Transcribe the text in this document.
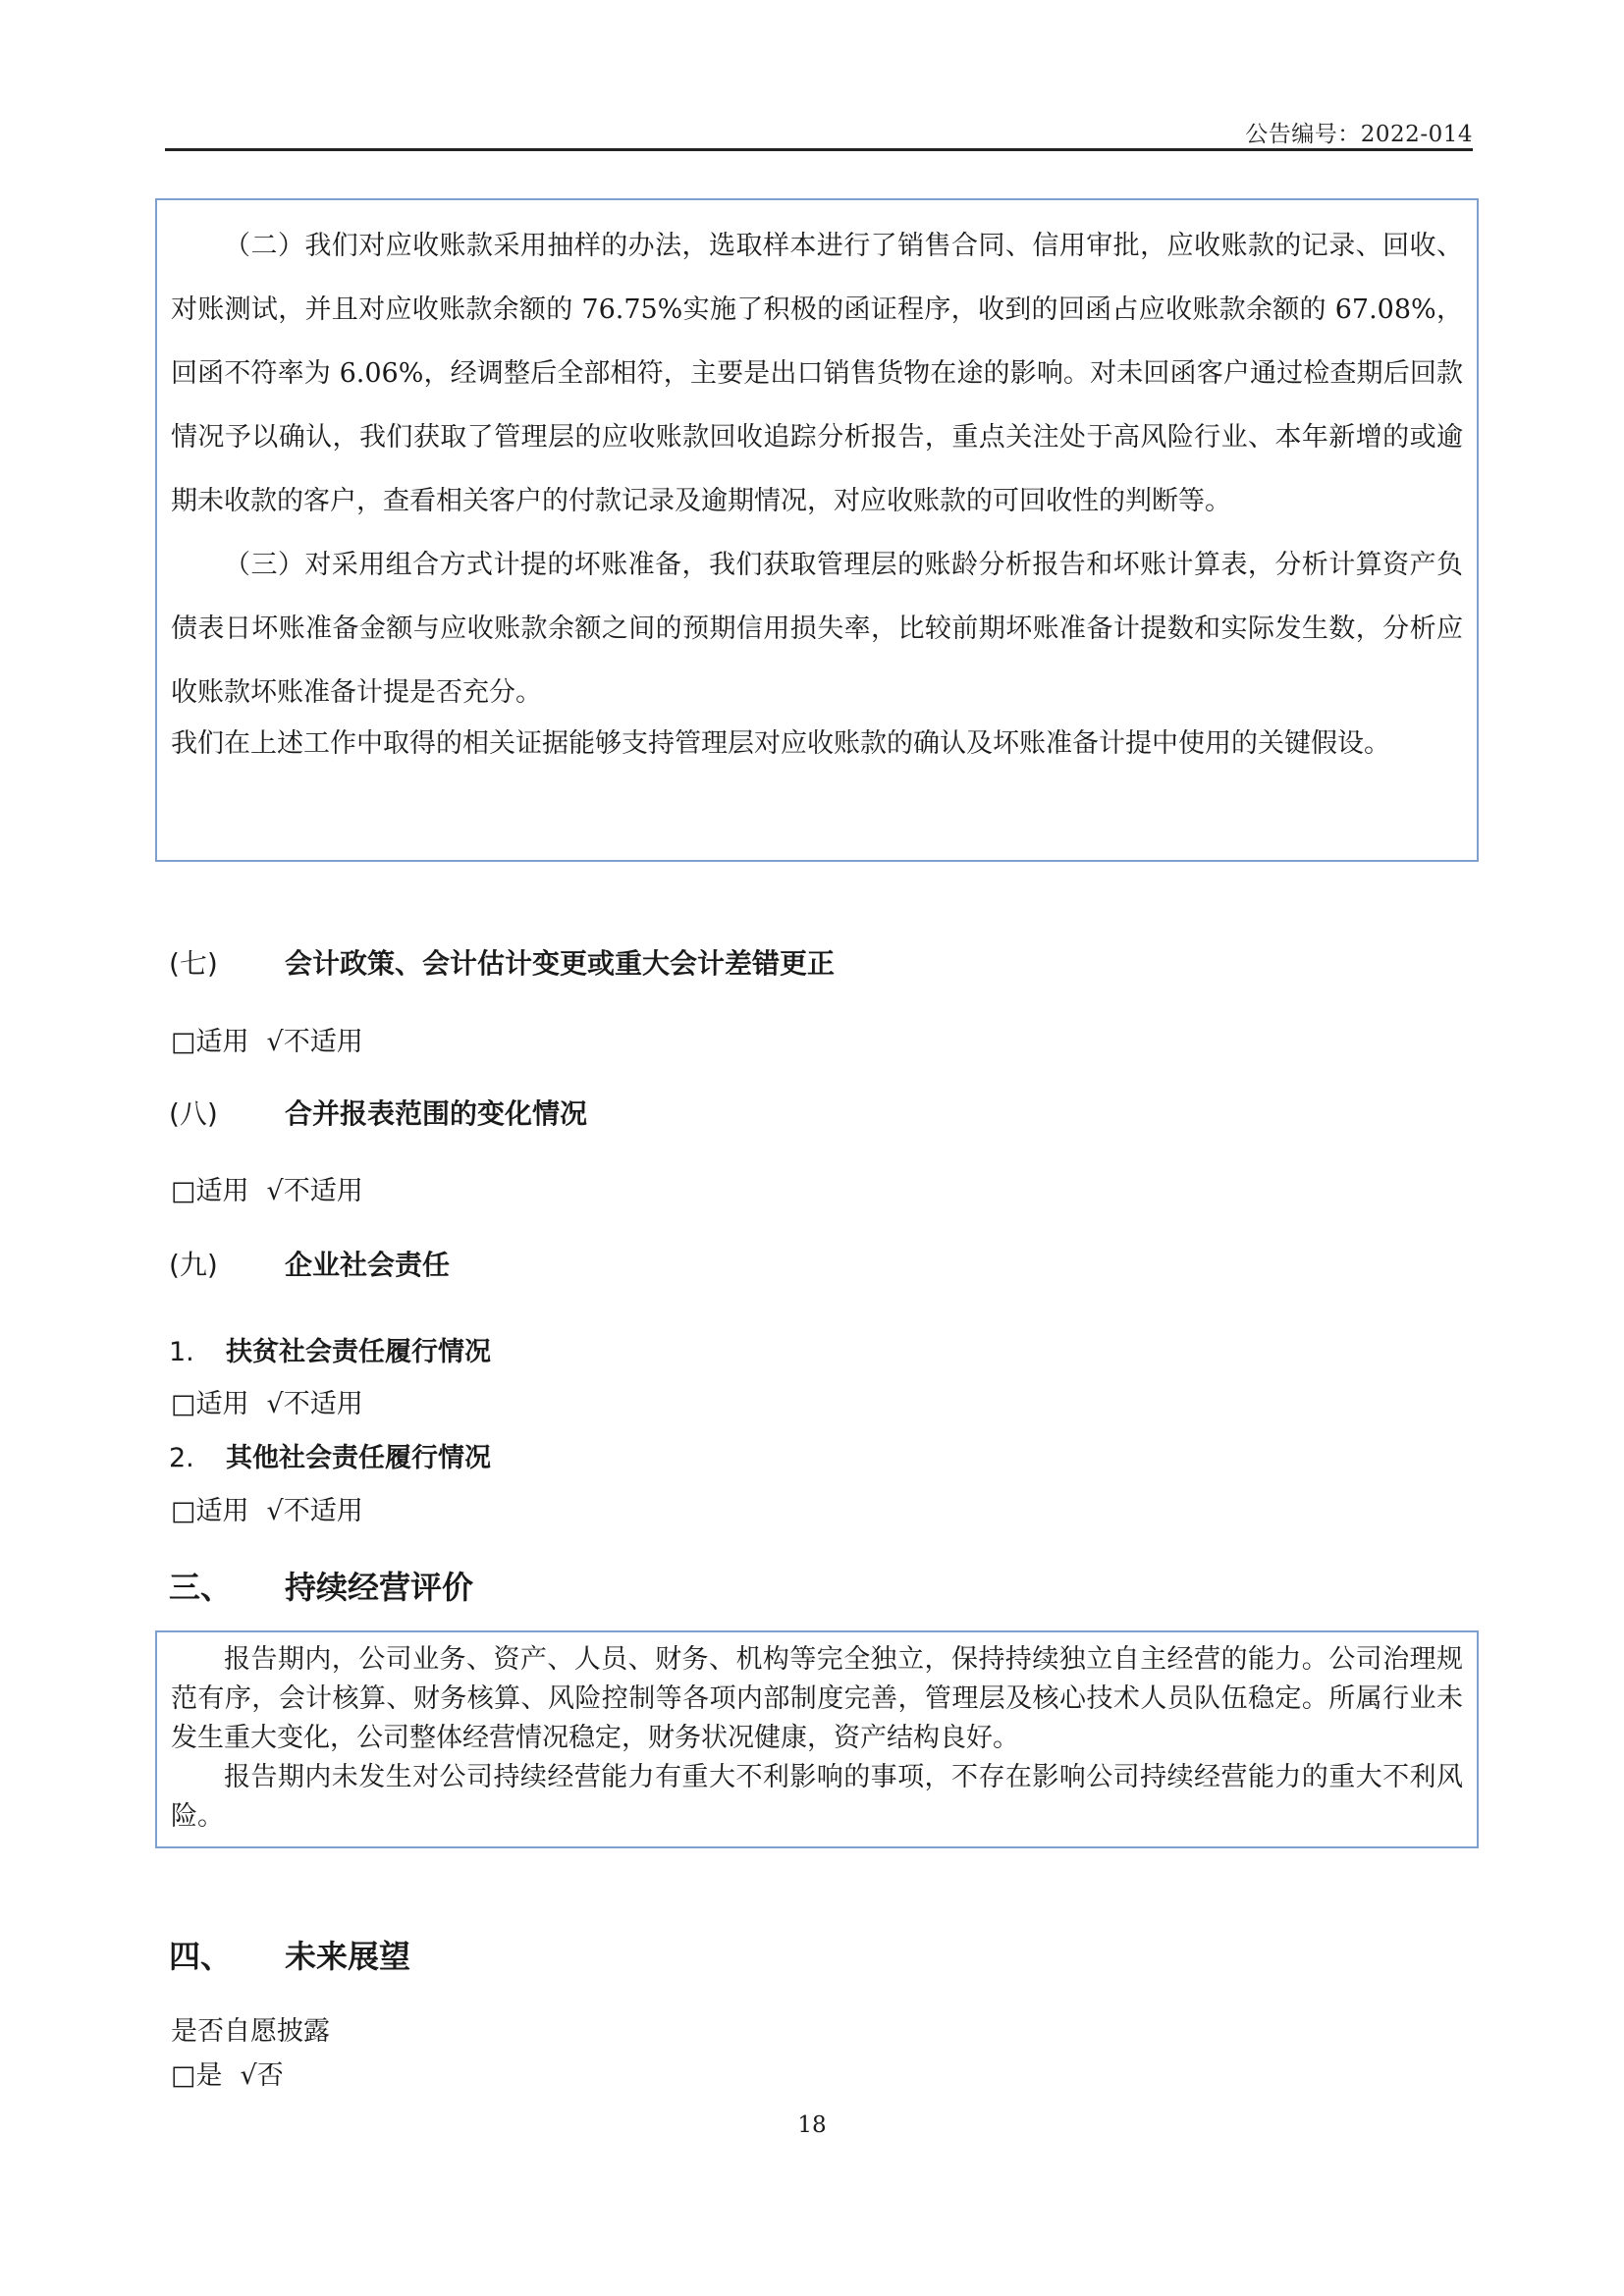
公告编号：2022-014

（二）我们对应收账款采用抽样的办法，选取样本进行了销售合同、信用审批，应收账款的记录、回收、对账测试，并且对应收账款余额的 76.75%实施了积极的函证程序，收到的回函占应收账款余额的 67.08%，回函不符率为 6.06%，经调整后全部相符，主要是出口销售货物在途的影响。对未回函客户通过检查期后回款情况予以确认，我们获取了管理层的应收账款回收追踪分析报告，重点关注处于高风险行业、本年新增的或逾期未收款的客户，查看相关客户的付款记录及逾期情况，对应收账款的可回收性的判断等。

（三）对采用组合方式计提的坏账准备，我们获取管理层的账龄分析报告和坏账计算表，分析计算资产负债表日坏账准备金额与应收账款余额之间的预期信用损失率，比较前期坏账准备计提数和实际发生数，分析应收账款坏账准备计提是否充分。

我们在上述工作中取得的相关证据能够支持管理层对应收账款的确认及坏账准备计提中使用的关键假设。

(七) 会计政策、会计估计变更或重大会计差错更正
□适用 √不适用
(八) 合并报表范围的变化情况
□适用 √不适用
(九) 企业社会责任
1. 扶贫社会责任履行情况
□适用 √不适用
2. 其他社会责任履行情况
□适用 √不适用
三、 持续经营评价

报告期内，公司业务、资产、人员、财务、机构等完全独立，保持持续独立自主经营的能力。公司治理规范有序，会计核算、财务核算、风险控制等各项内部制度完善，管理层及核心技术人员队伍稳定。所属行业未发生重大变化，公司整体经营情况稳定，财务状况健康，资产结构良好。

报告期内未发生对公司持续经营能力有重大不利影响的事项，不存在影响公司持续经营能力的重大不利风险。

四、 未来展望
是否自愿披露
□是 √否
18
